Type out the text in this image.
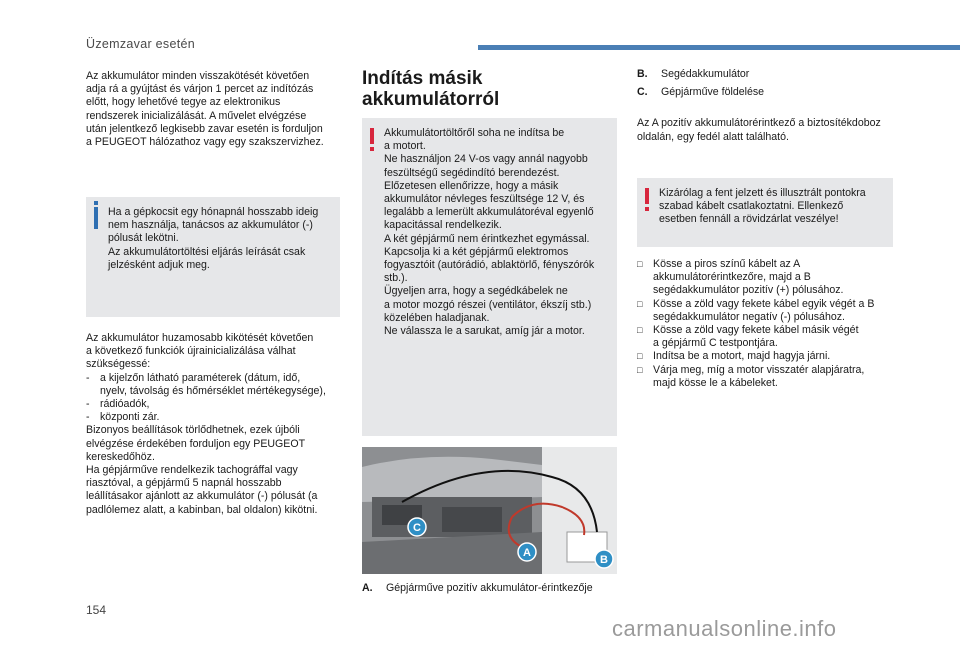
Üzemzavar esetén
Az akkumulátor minden visszakötését követően
adja rá a gyújtást és várjon 1 percet az indítózás
előtt, hogy lehetővé tegye az elektronikus
rendszerek inicializálását. A művelet elvégzése
után jelentkező legkisebb zavar esetén is forduljon
a PEUGEOT hálózathoz vagy egy szakszervizhez.
Ha a gépkocsit egy hónapnál hosszabb ideig
nem használja, tanácsos az akkumulátor (-)
pólusát lekötni.
Az akkumulátortöltési eljárás leírását csak
jelzésként adjuk meg.
Az akkumulátor huzamosabb kikötését követően
a következő funkciók újrainicializálása válhat
szükségessé:
- a kijelzőn látható paraméterek (dátum, idő,
nyelv, távolság és hőmérséklet mértékegysége),
- rádióadók,
- központi zár.
Bizonyos beállítások törlődhetnek, ezek újbóli
elvégzése érdekében forduljon egy PEUGEOT
kereskedőhöz.
Ha gépjárműve rendelkezik tachográffal vagy
riasztóval, a gépjármű 5 napnál hosszabb
leállításakor ajánlott az akkumulátor (-) pólusát (a
padlólemez alatt, a kabinban, bal oldalon) kikötni.
Indítás másik
akkumulátorról
Akkumulátortöltőről soha ne indítsa be
a motort.
Ne használjon 24 V-os vagy annál nagyobb
feszültségű segédindító berendezést.
Előzetesen ellenőrizze, hogy a másik
akkumulátor névleges feszültsége 12 V, és
legalább a lemerült akkumulátoréval egyenlő
kapacitással rendelkezik.
A két gépjármű nem érintkezhet egymással.
Kapcsolja ki a két gépjármű elektromos
fogyasztóit (autórádió, ablaktörlő, fényszórók
stb.).
Ügyeljen arra, hogy a segédkábelek ne
a motor mozgó részei (ventilátor, ékszíj stb.)
közelében haladjanak.
Ne válassza le a sarukat, amíg jár a motor.
C
A
B
A. Gépjárműve pozitív akkumulátor-érintkezője
B. Segédakkumulátor
C. Gépjárműve földelése
Az A pozitív akkumulátorérintkező a biztosítékdoboz
oldalán, egy fedél alatt található.
Kizárólag a fent jelzett és illusztrált pontokra
szabad kábelt csatlakoztatni. Ellenkező
esetben fennáll a rövidzárlat veszélye!
□ Kösse a piros színű kábelt az A
akkumulátorérintkezőre, majd a B
segédakkumulátor pozitív (+) pólusához.
□ Kösse a zöld vagy fekete kábel egyik végét a B
segédakkumulátor negatív (-) pólusához.
□ Kösse a zöld vagy fekete kábel másik végét
a gépjármű C testpontjára.
□ Indítsa be a motort, majd hagyja járni.
□ Várja meg, míg a motor visszatér alapjáratra,
majd kösse le a kábeleket.
154
carmanualsonline.info
